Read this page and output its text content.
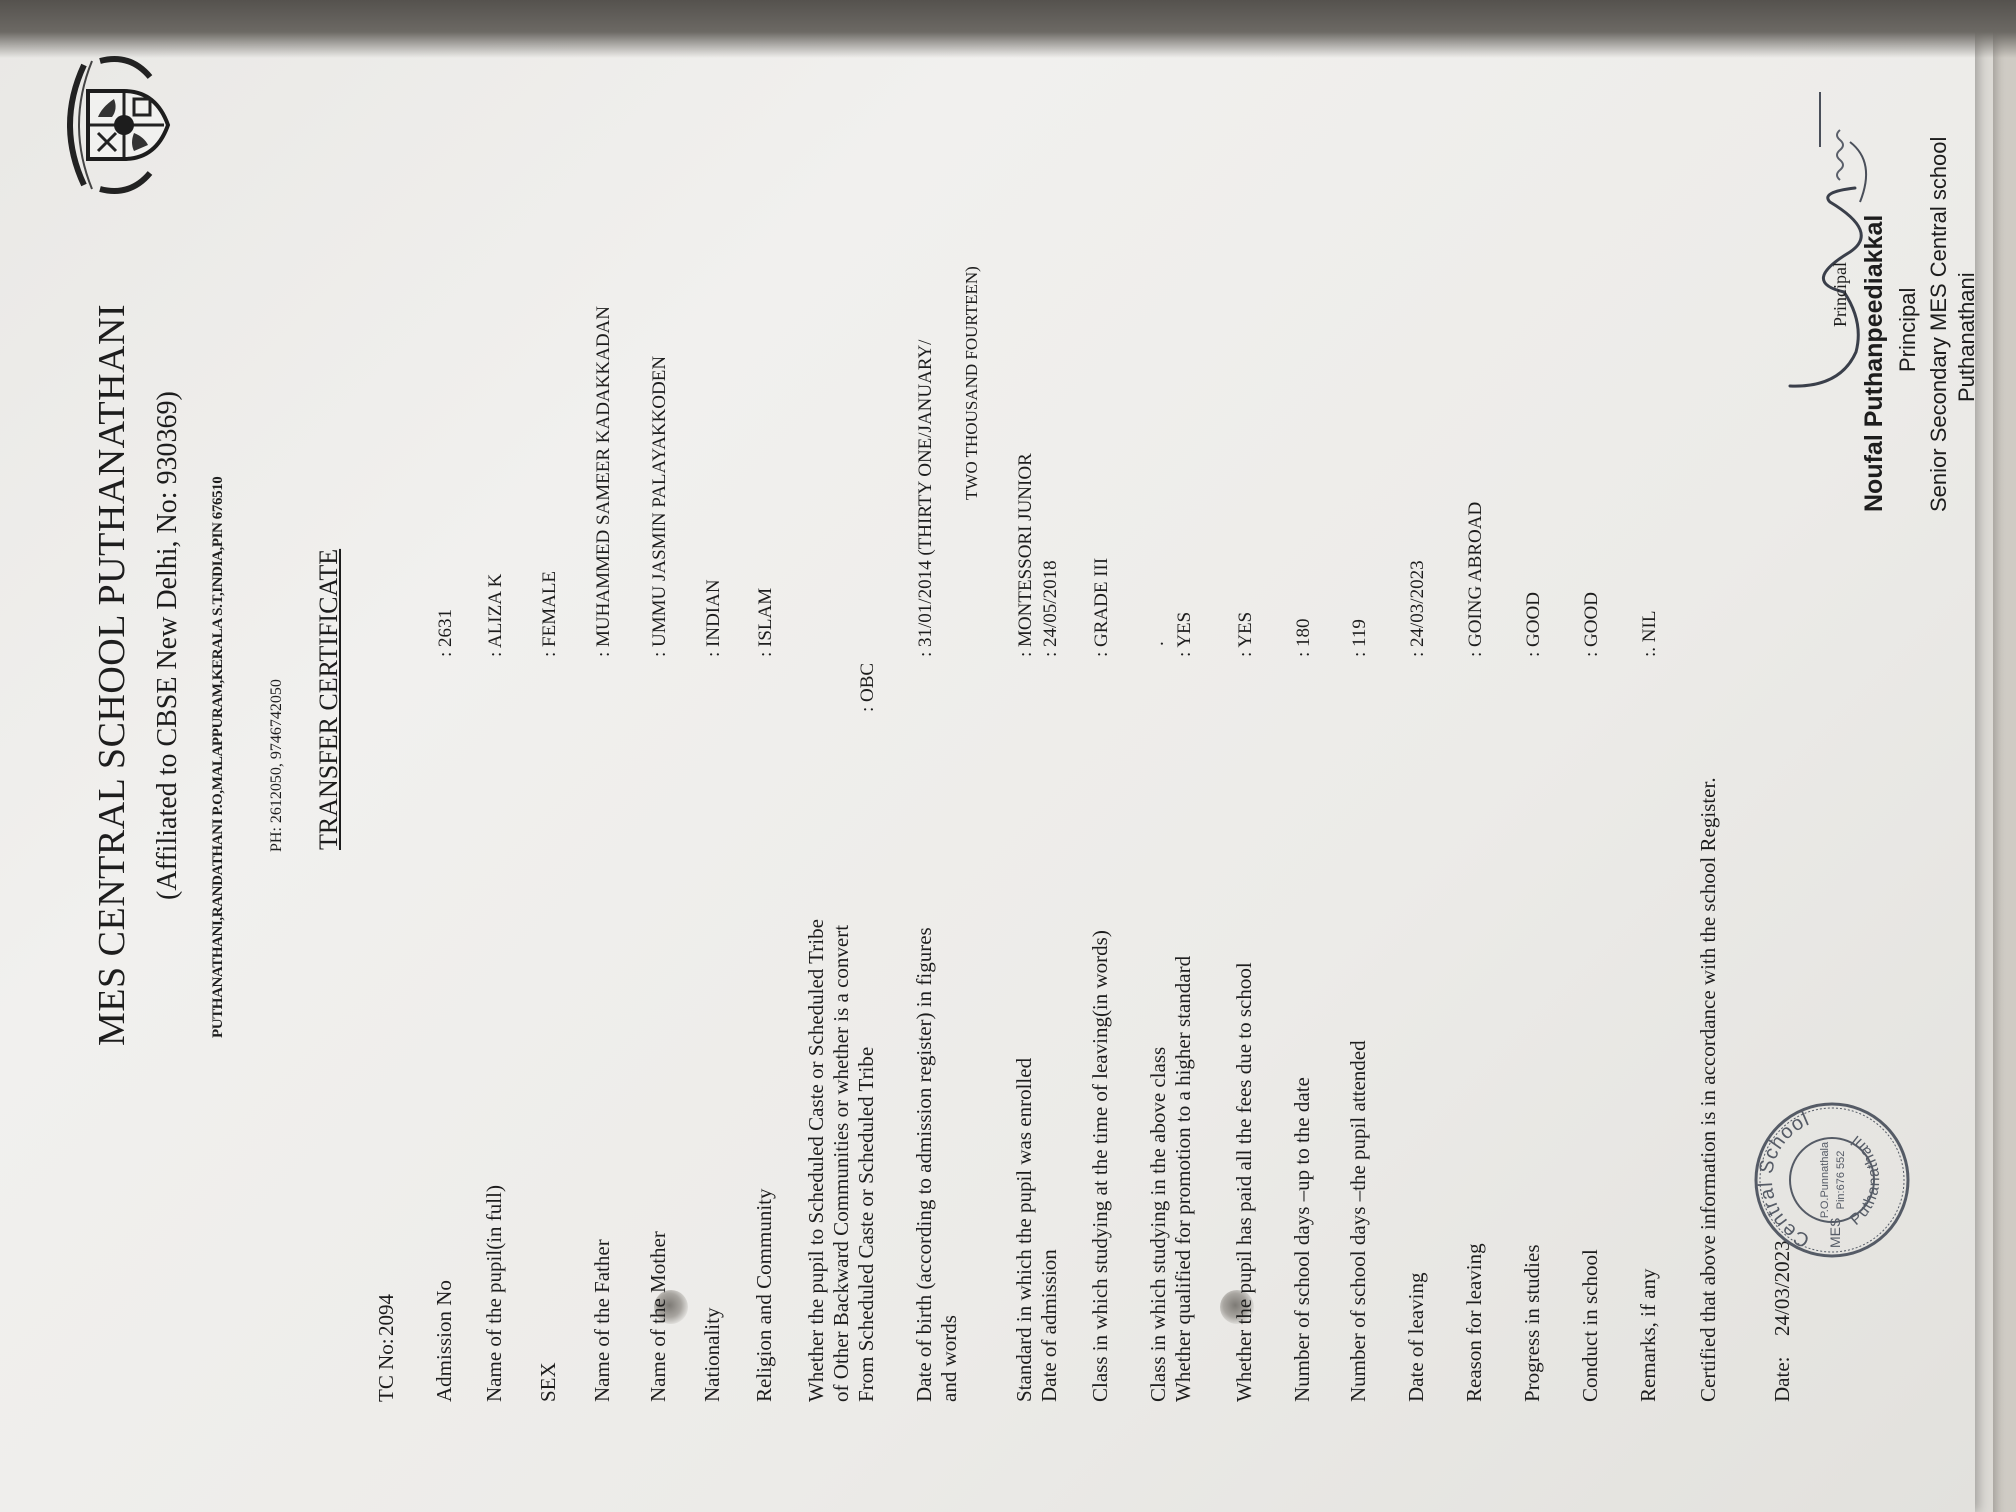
MES CENTRAL SCHOOL PUTHANATHANI (Affiliated to CBSE New Delhi, No: 930369) PUTHANATHANI,RANDATHANI P.O,MALAPPURAM,KERALA S.T,INDIA,PIN 676510	PH: 2612050, 9746742050 TRANSFER CERTIFICATE
TC No:
2094 Admission No
: 2631
Name of the pupil(in full)
: ALIZA K
SEX
: FEMALE
Name of the Father
: MUHAMMED SAMEER KADAKKADAN
Name of the Mother
: UMMU JASMIN PALAYAKKODEN
Nationality
: INDIAN
Religion and Community
: ISLAM
Whether the pupil to Scheduled Caste or Scheduled Tribe of Other Backward Communities or whether is a convert From Scheduled Caste or Scheduled Tribe
: OBC
Date of birth (according to admission register) in figures and words
: 31/01/2014 (THIRTY ONE/JANUARY/ TWO THOUSAND FOURTEEN)
Standard in which the pupil was enrolled Date of admission
: MONTESSORI JUNIOR : 24/05/2018
Class in which studying at the time of leaving(in words)
: GRADE III
Class in which studying in the above class Whether qualified for promotion to a higher standard
. : YES
Whether the pupil has paid all the fees due to school
: YES
Number of school days –up to the date
: 180
Number of school days –the pupil attended
: 119
Date of leaving
: 24/03/2023
Reason for leaving
: GOING ABROAD
Progress in studies
: GOOD
Conduct in school
: GOOD
Remarks, if any
:. NIL
Certified that above information is in accordance with the school Register. Date:
24/03/2023
Central School
Puthanathani
MES
P.O.Punnathala Pin:676 552
Principal Noufal Puthanpeediakkal Principal Senior Secondary MES Central school Puthanathani
